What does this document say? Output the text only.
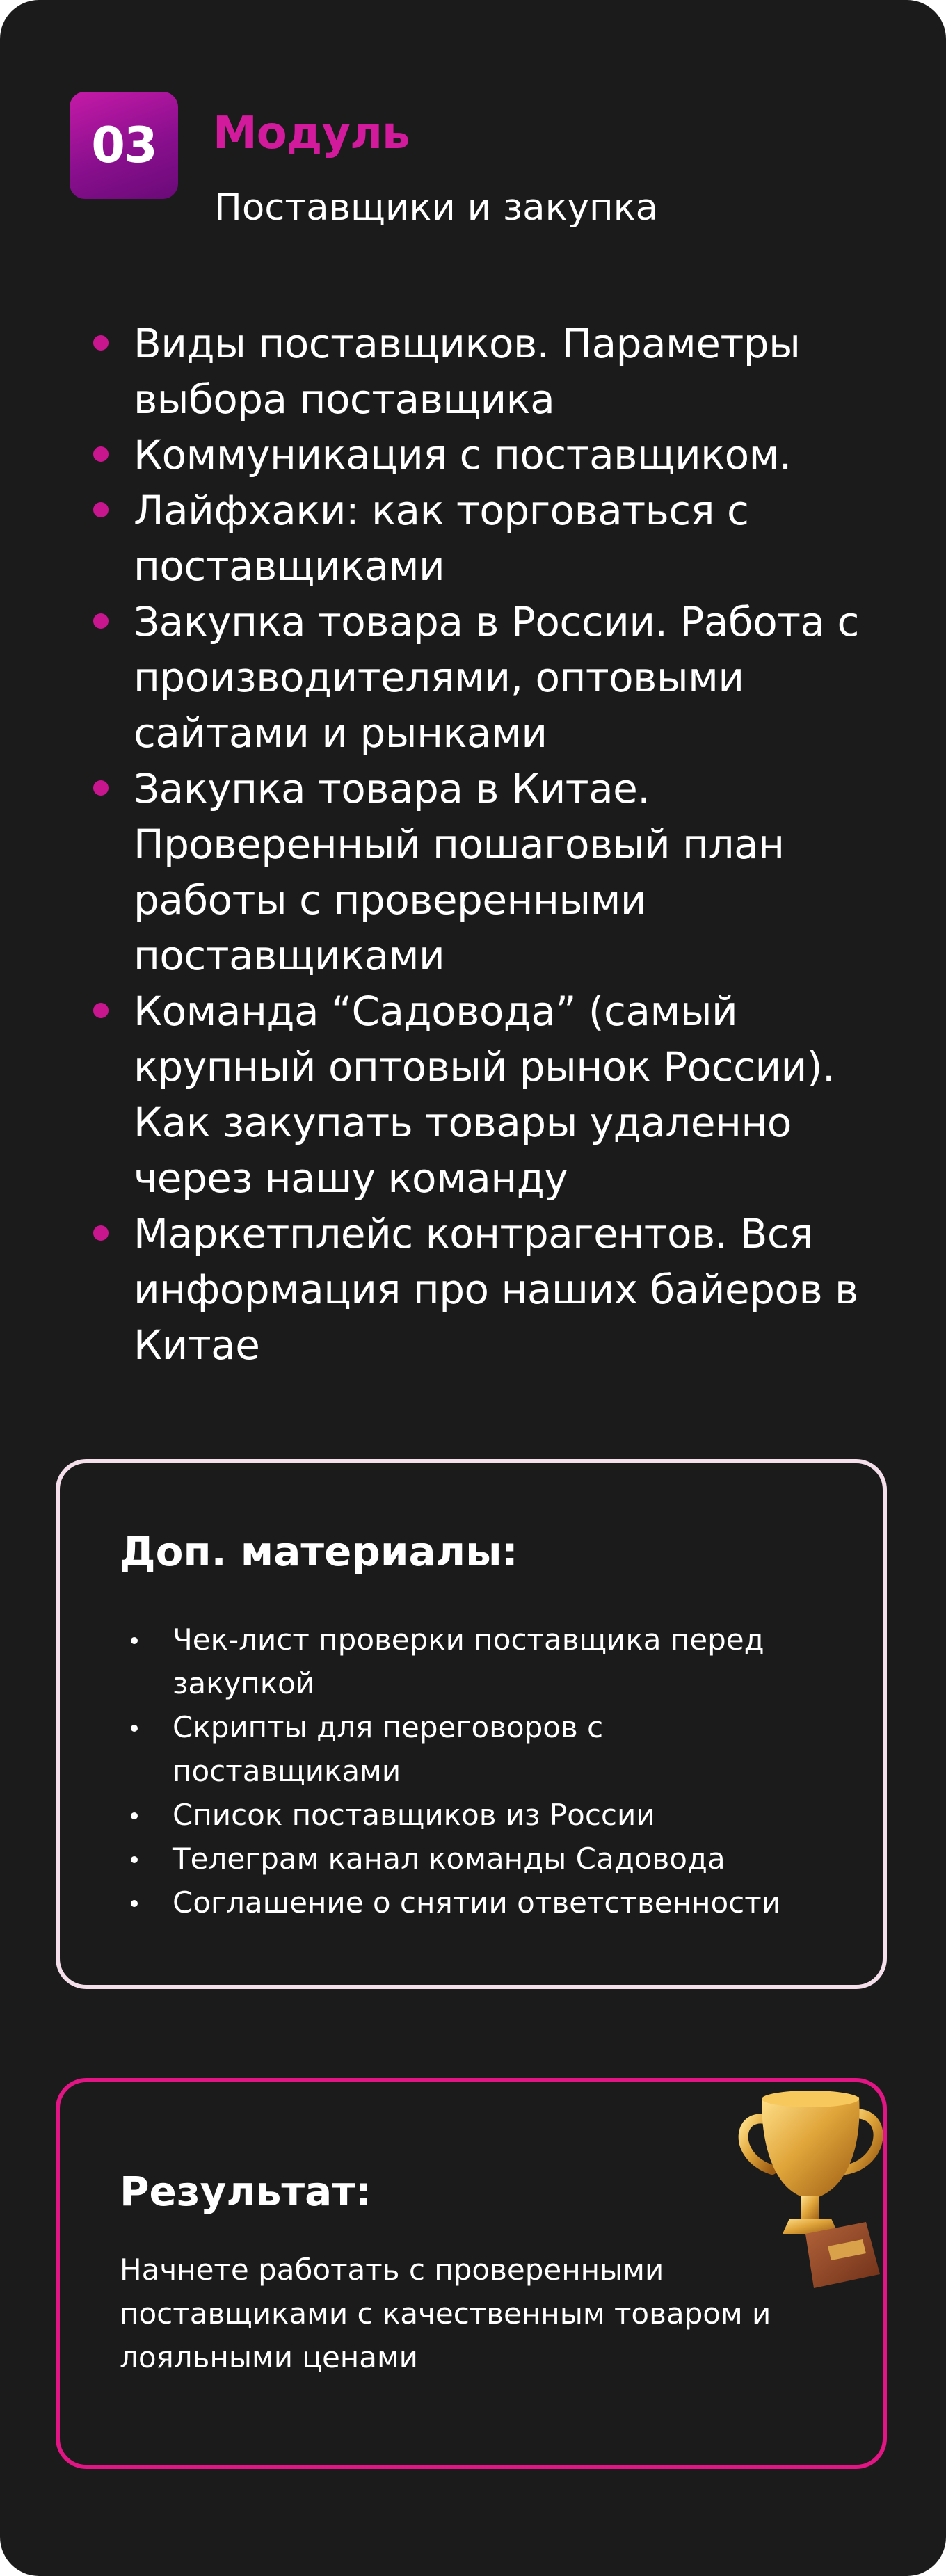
03	Модуль
Поставщики и закупка
Виды поставщиков. Параметры выбора поставщика
Коммуникация с поставщиком.
Лайфхаки: как торговаться с поставщиками
Закупка товара в России. Работа с производителями, оптовыми сайтами и рынками
Закупка товара в Китае. Проверенный пошаговый план работы с проверенными поставщиками
Команда “Садовода” (самый крупный оптовый рынок России). Как закупать товары удаленно через нашу команду
Маркетплейс контрагентов. Вся информация про наших байеров в Китае
Доп. материалы:
Чек-лист проверки поставщика перед закупкой
Скрипты для переговоров с поставщиками
Список поставщиков из России
Телеграм канал команды Садовода
Соглашение о снятии ответственности
Результат:
Начнете работать с проверенными поставщиками с качественным товаром и лояльными ценами
